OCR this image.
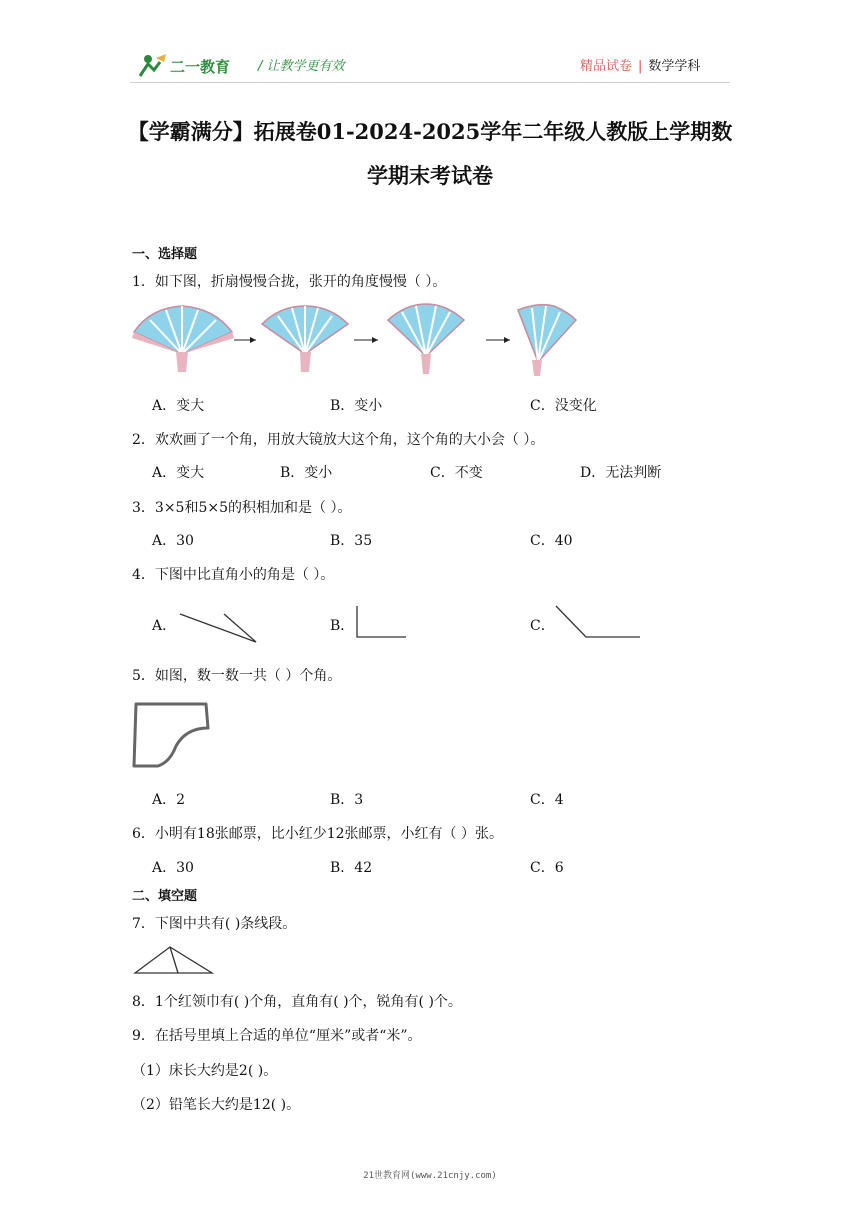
二一教育 / 让教学更有效	精品试卷 | 数学学科
【学霸满分】拓展卷01-2024-2025学年二年级人教版上学期数
学期末考试卷
一、选择题
1．如下图，折扇慢慢合拢，张开的角度慢慢（ ）。
A．变大	B．变小	C．没变化
2．欢欢画了一个角，用放大镜放大这个角，这个角的大小会（ ）。
A．变大	B．变小	C．不变	D．无法判断
3．3×5和5×5的积相加和是（ ）。
A．30	B．35	C．40
4．下图中比直角小的角是（ ）。
A．	B．	C．
5．如图，数一数一共（ ）个角。
A．2	B．3	C．4
6．小明有18张邮票，比小红少12张邮票，小红有（ ）张。
A．30	B．42	C．6
二、填空题
7．下图中共有( )条线段。
8．1个红领巾有( )个角，直角有( )个，锐角有( )个。
9．在括号里填上合适的单位“厘米”或者“米”。
（1）床长大约是2( )。
（2）铅笔长大约是12( )。
21世教育网(www.21cnjy.com)
